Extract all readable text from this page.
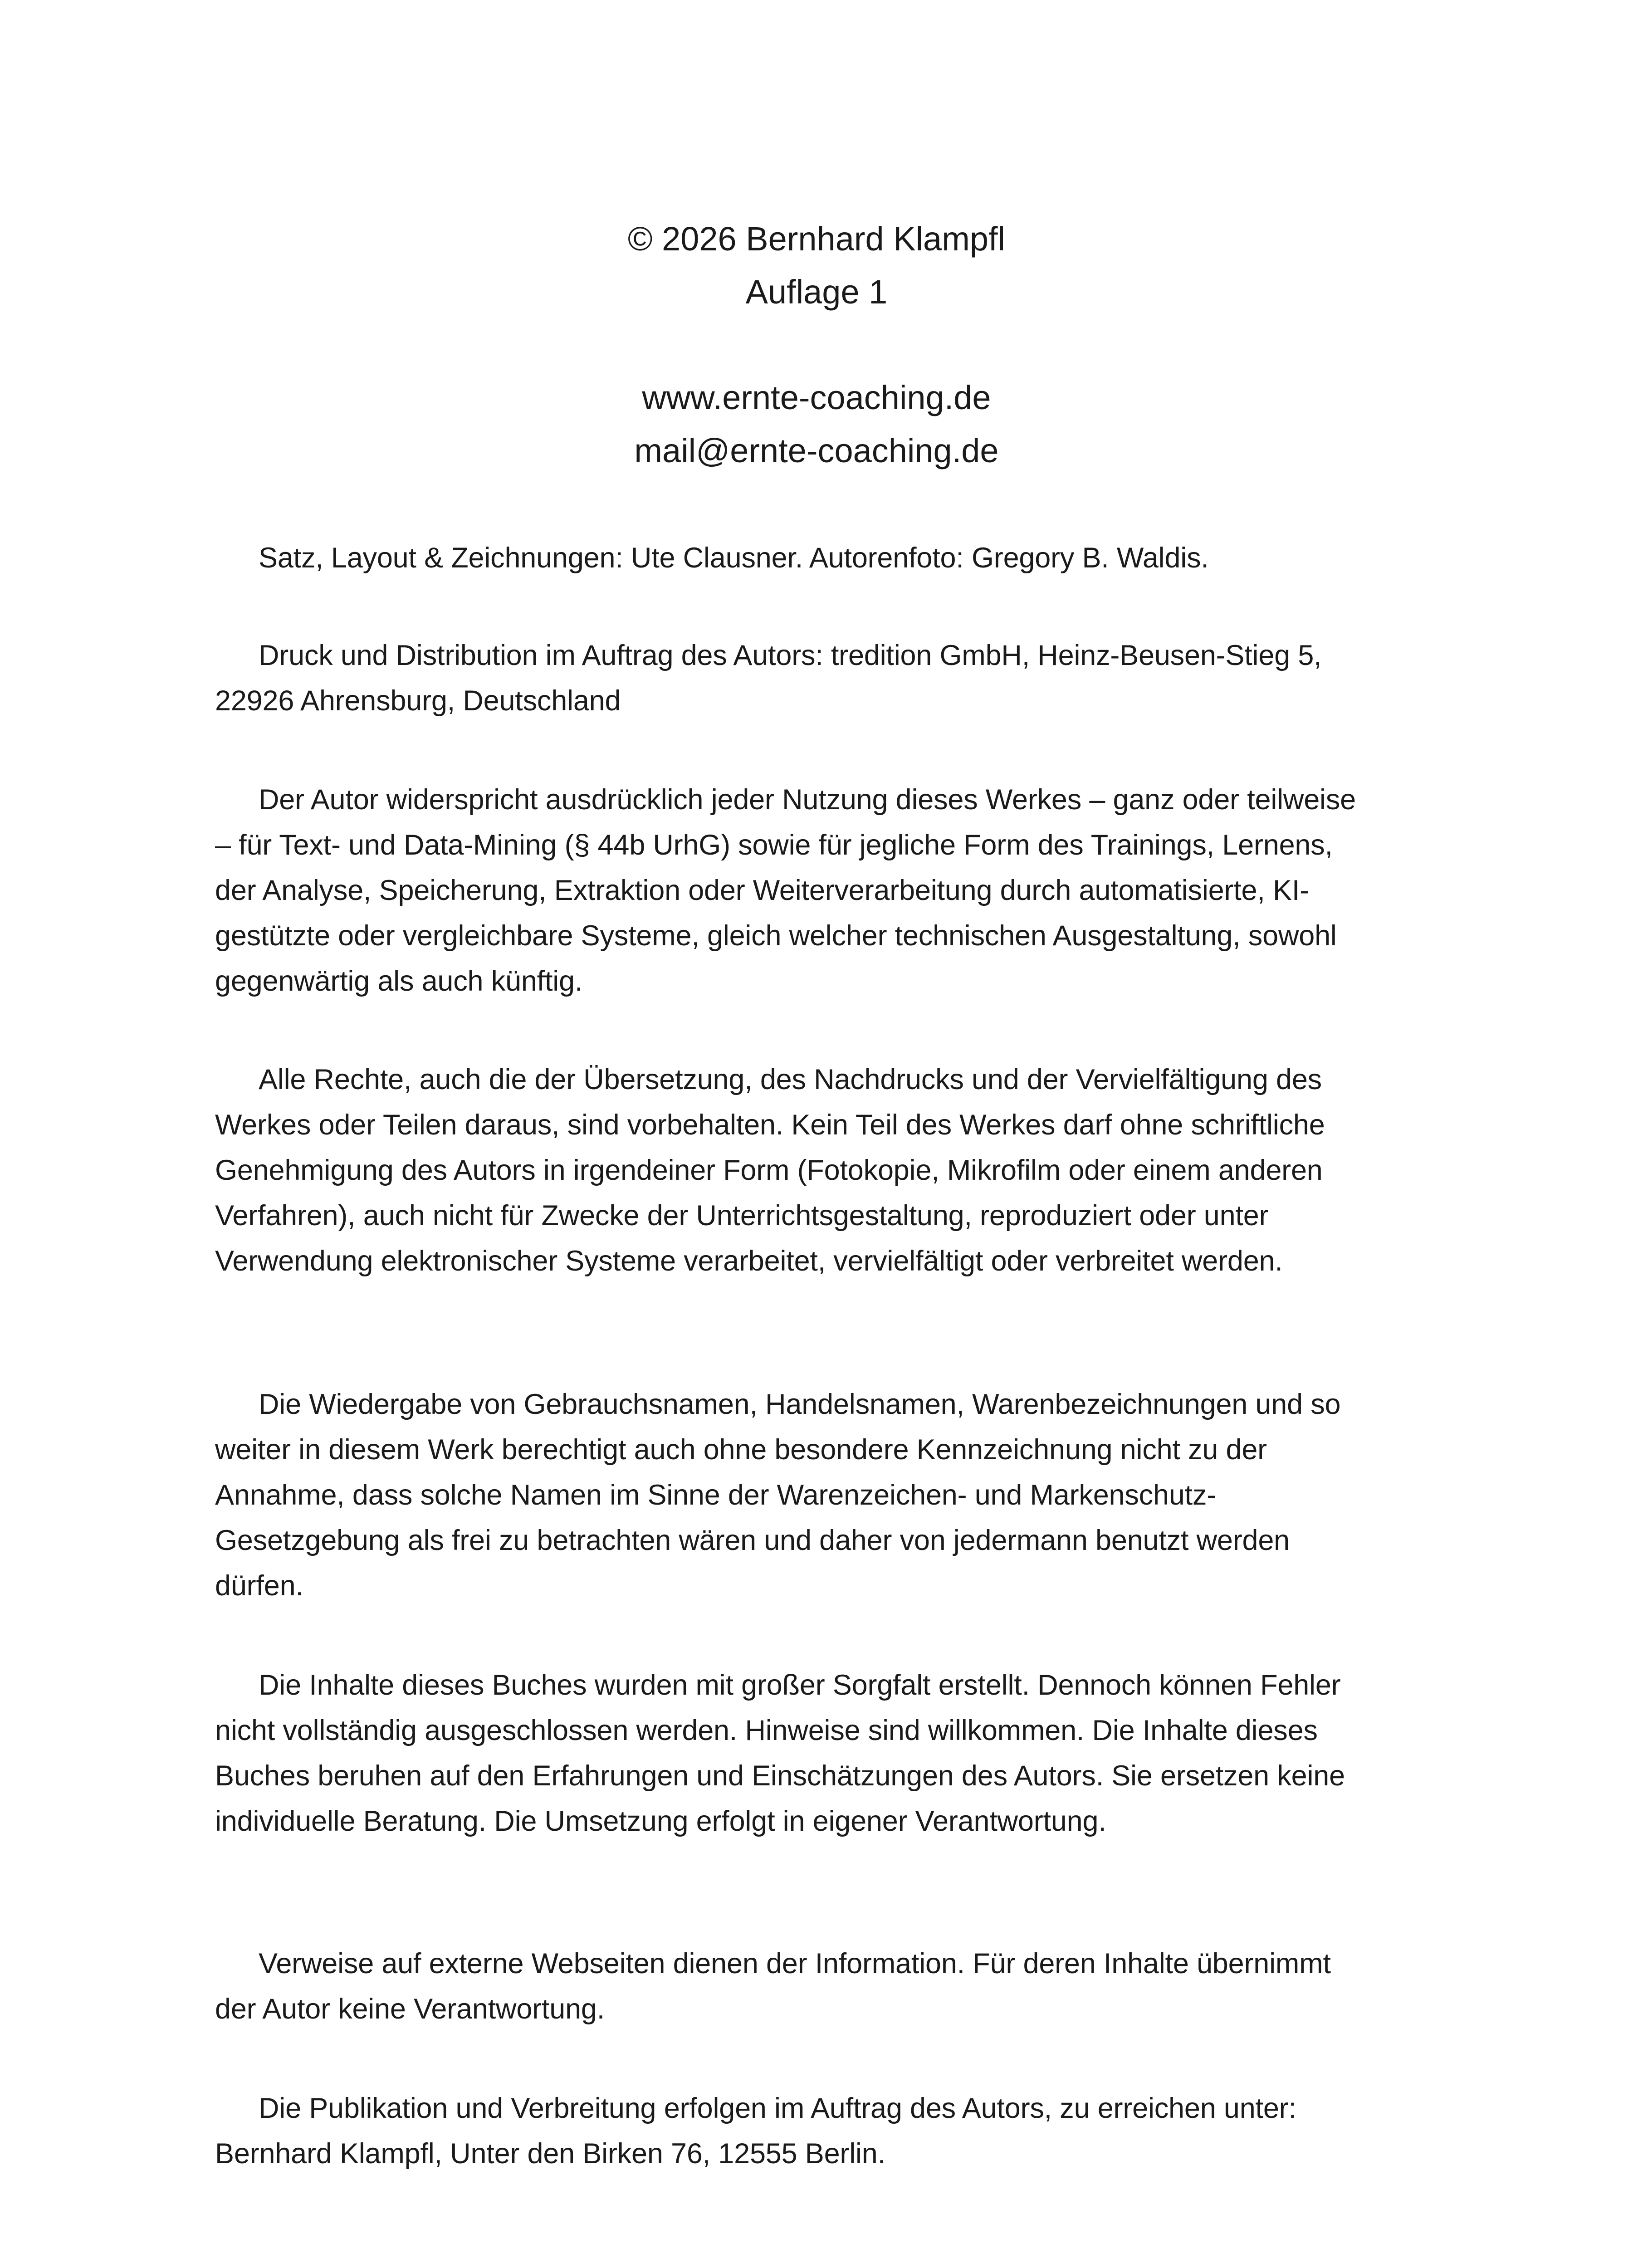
© 2026 Bernhard Klampfl
Auflage 1
www.ernte-coaching.de
mail@ernte-coaching.de

Satz, Layout & Zeichnungen: Ute Clausner. Autorenfoto: Gregory B. Waldis.

Druck und Distribution im Auftrag des Autors: tredition GmbH, Heinz-Beusen-Stieg 5, 22926 Ahrensburg, Deutschland

Der Autor widerspricht ausdrücklich jeder Nutzung dieses Werkes – ganz oder teilweise – für Text- und Data-Mining (§ 44b UrhG) sowie für jegliche Form des Trainings, Lernens, der Analyse, Speicherung, Extraktion oder Weiterverarbeitung durch automatisierte, KI-gestützte oder vergleichbare Systeme, gleich welcher technischen Ausgestaltung, sowohl gegenwärtig als auch künftig.

Alle Rechte, auch die der Übersetzung, des Nachdrucks und der Vervielfältigung des Werkes oder Teilen daraus, sind vorbehalten. Kein Teil des Werkes darf ohne schriftliche Genehmigung des Autors in irgendeiner Form (Fotokopie, Mikrofilm oder einem anderen Verfahren), auch nicht für Zwecke der Unterrichtsgestaltung, reproduziert oder unter Verwendung elektronischer Systeme verarbeitet, vervielfältigt oder verbreitet werden.

Die Wiedergabe von Gebrauchsnamen, Handelsnamen, Warenbezeichnungen und so weiter in diesem Werk berechtigt auch ohne besondere Kennzeichnung nicht zu der Annahme, dass solche Namen im Sinne der Warenzeichen- und Markenschutz-Gesetzgebung als frei zu betrachten wären und daher von jedermann benutzt werden dürfen.

Die Inhalte dieses Buches wurden mit großer Sorgfalt erstellt. Dennoch können Fehler nicht vollständig ausgeschlossen werden. Hinweise sind willkommen. Die Inhalte dieses Buches beruhen auf den Erfahrungen und Einschätzungen des Autors. Sie ersetzen keine individuelle Beratung. Die Umsetzung erfolgt in eigener Verantwortung.

Verweise auf externe Webseiten dienen der Information. Für deren Inhalte übernimmt der Autor keine Verantwortung.

Die Publikation und Verbreitung erfolgen im Auftrag des Autors, zu erreichen unter: Bernhard Klampfl, Unter den Birken 76, 12555 Berlin.
